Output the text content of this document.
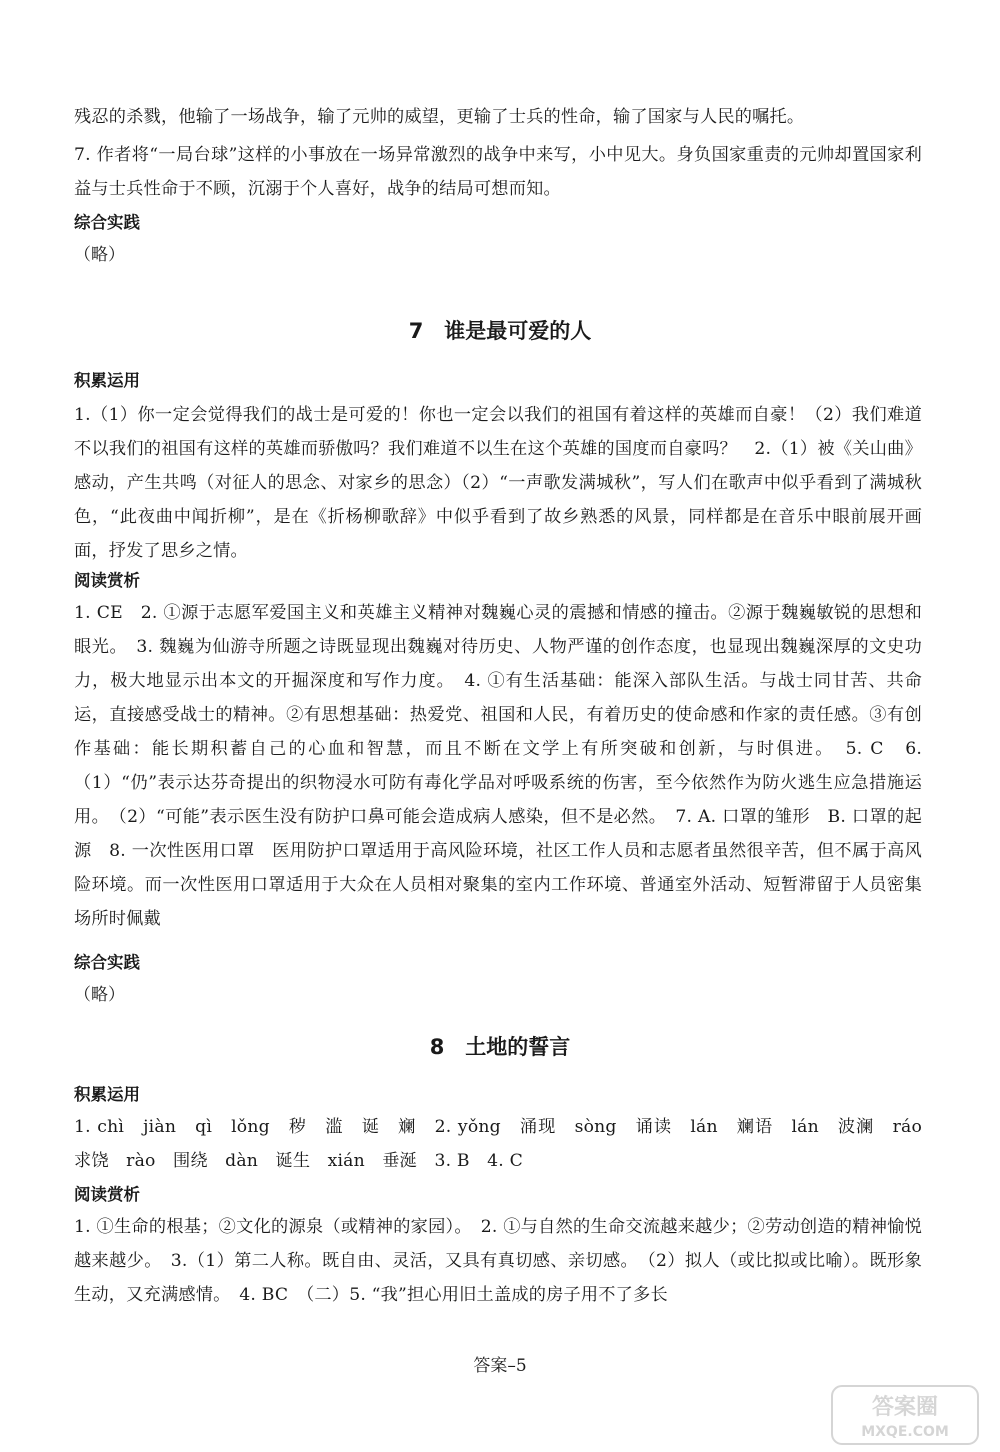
残忍的杀戮，他输了一场战争，输了元帅的威望，更输了士兵的性命，输了国家与人民的嘱托。

7. 作者将“一局台球”这样的小事放在一场异常激烈的战争中来写，小中见大。身负国家重责的元帅却置国家利益与士兵性命于不顾，沉溺于个人喜好，战争的结局可想而知。

综合实践

（略）

7　谁是最可爱的人

积累运用

1.（1）你一定会觉得我们的战士是可爱的！你也一定会以我们的祖国有着这样的英雄而自豪！（2）我们难道不以我们的祖国有这样的英雄而骄傲吗？我们难道不以生在这个英雄的国度而自豪吗？　2.（1）被《关山曲》感动，产生共鸣（对征人的思念、对家乡的思念）（2）“一声歌发满城秋”，写人们在歌声中似乎看到了满城秋色，“此夜曲中闻折柳”，是在《折杨柳歌辞》中似乎看到了故乡熟悉的风景，同样都是在音乐中眼前展开画面，抒发了思乡之情。

阅读赏析

1. CE　2. ①源于志愿军爱国主义和英雄主义精神对魏巍心灵的震撼和情感的撞击。②源于魏巍敏锐的思想和眼光。　3. 魏巍为仙游寺所题之诗既显现出魏巍对待历史、人物严谨的创作态度，也显现出魏巍深厚的文史功力，极大地显示出本文的开掘深度和写作力度。　4. ①有生活基础：能深入部队生活。与战士同甘苦、共命运，直接感受战士的精神。②有思想基础：热爱党、祖国和人民，有着历史的使命感和作家的责任感。③有创作基础：能长期积蓄自己的心血和智慧，而且不断在文学上有所突破和创新，与时俱进。　5. C　6.（1）“仍”表示达芬奇提出的织物浸水可防有毒化学品对呼吸系统的伤害，至今依然作为防火逃生应急措施运用。　（2）“可能”表示医生没有防护口鼻可能会造成病人感染，但不是必然。　7. A. 口罩的雏形　B. 口罩的起源　8. 一次性医用口罩　医用防护口罩适用于高风险环境，社区工作人员和志愿者虽然很辛苦，但不属于高风险环境。而一次性医用口罩适用于大众在人员相对聚集的室内工作环境、普通室外活动、短暂滞留于人员密集场所时佩戴

综合实践

（略）

8　土地的誓言

积累运用

1. chì　jiàn　qì　lǒng　秽　滥　诞　斓　2. yǒng　涌现　sòng　诵读　lán　斓语　lán　波澜　ráo　求饶　rào　围绕　dàn　诞生　xián　垂涎　3. B　4. C

阅读赏析

1. ①生命的根基；②文化的源泉（或精神的家园）。　2. ①与自然的生命交流越来越少；②劳动创造的精神愉悦越来越少。　3.（1）第二人称。既自由、灵活，又具有真切感、亲切感。　（2）拟人（或比拟或比喻）。既形象生动，又充满感情。　4. BC　（二）5. “我”担心用旧土盖成的房子用不了多长

答案–5
答案圈
MXQE.COM
